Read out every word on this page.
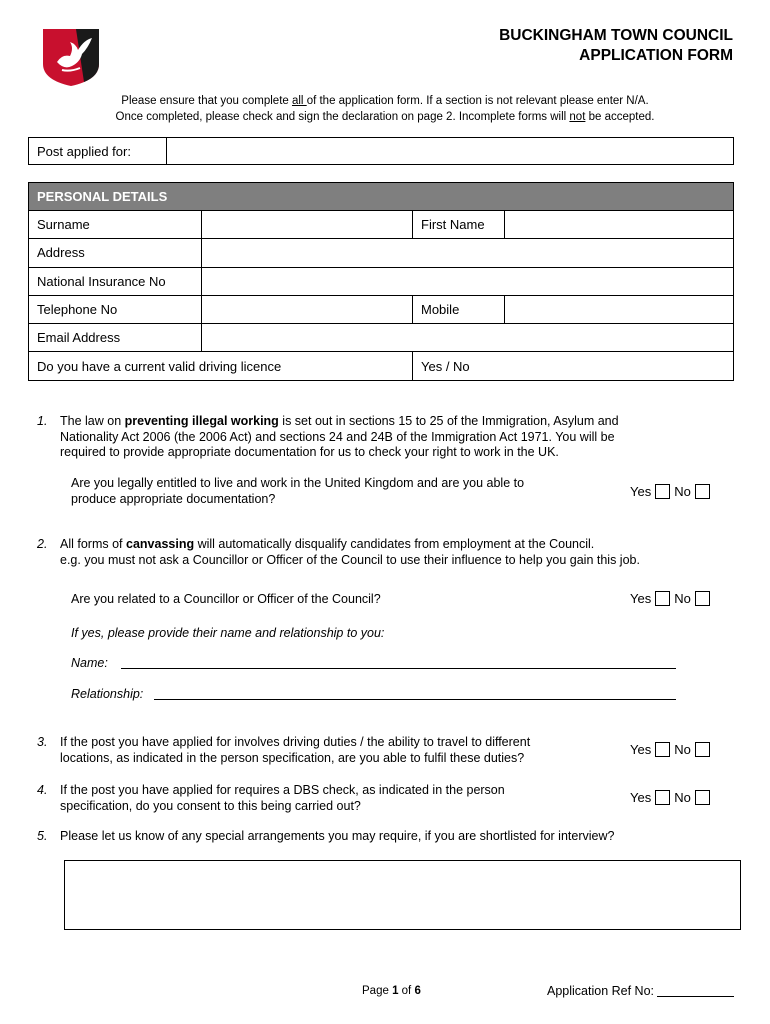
BUCKINGHAM TOWN COUNCIL
APPLICATION FORM
Please ensure that you complete all of the application form. If a section is not relevant please enter N/A.
Once completed, please check and sign the declaration on page 2. Incomplete forms will not be accepted.
Post applied for:
PERSONAL DETAILS			
Surname		First Name	
Address			
National Insurance No			
Telephone No		Mobile	
Email Address			
Do you have a current valid driving licence		Yes / No	
1. The law on preventing illegal working is set out in sections 15 to 25 of the Immigration, Asylum and
Nationality Act 2006 (the 2006 Act) and sections 24 and 24B of the Immigration Act 1971. You will be
required to provide appropriate documentation for us to check your right to work in the UK.
Are you legally entitled to live and work in the United Kingdom and are you able to
produce appropriate documentation?	Yes No
2. All forms of canvassing will automatically disqualify candidates from employment at the Council.
e.g. you must not ask a Councillor or Officer of the Council to use their influence to help you gain this job.
Are you related to a Councillor or Officer of the Council?	Yes No
If yes, please provide their name and relationship to you:
Name:
Relationship:
3. If the post you have applied for involves driving duties / the ability to travel to different
locations, as indicated in the person specification, are you able to fulfil these duties?
Yes No
4. If the post you have applied for requires a DBS check, as indicated in the person
specification, do you consent to this being carried out?
Yes No
5. Please let us know of any special arrangements you may require, if you are shortlisted for interview?
Page 1 of 6	Application Ref No:
